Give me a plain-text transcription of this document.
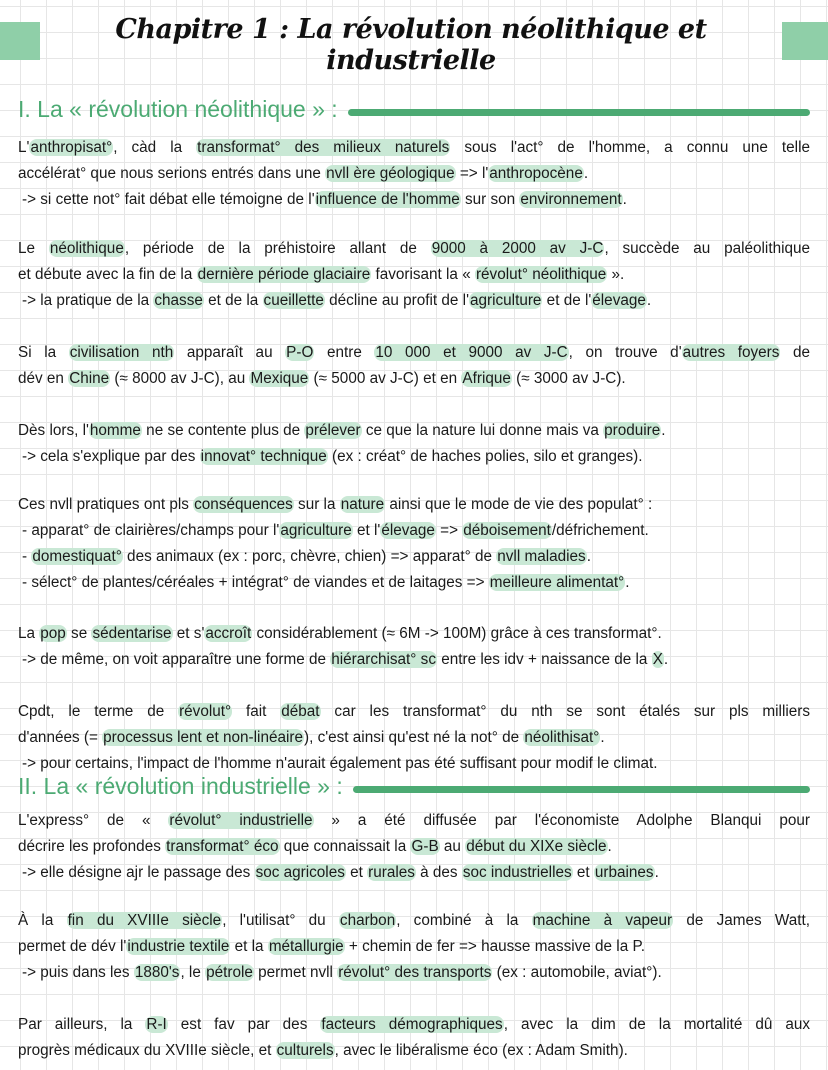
Chapitre 1 : La révolution néolithique et industrielle
I. La « révolution néolithique » :
II. La « révolution industrielle » :
L'anthropisat°, càd la transformat° des milieux naturels sous l'act° de l'homme, a connu une telle
accélérat° que nous serions entrés dans une nvll ère géologique => l'anthropocène.
-> si cette not° fait débat elle témoigne de l'influence de l'homme sur son environnement.
Le néolithique, période de la préhistoire allant de 9000 à 2000 av J-C, succède au paléolithique
et débute avec la fin de la dernière période glaciaire favorisant la « révolut° néolithique ».
-> la pratique de la chasse et de la cueillette décline au profit de l'agriculture et de l'élevage.
Si la civilisation nth apparaît au P-O entre 10 000 et 9000 av J-C, on trouve d'autres foyers de
dév en Chine (≈ 8000 av J-C), au Mexique (≈ 5000 av J-C) et en Afrique (≈ 3000 av J-C).
Dès lors, l'homme ne se contente plus de prélever ce que la nature lui donne mais va produire.
-> cela s'explique par des innovat° technique (ex : créat° de haches polies, silo et granges).
Ces nvll pratiques ont pls conséquences sur la nature ainsi que le mode de vie des populat° :
- apparat° de clairières/champs pour l'agriculture et l'élevage => déboisement/défrichement.
- domestiquat° des animaux (ex : porc, chèvre, chien) => apparat° de nvll maladies.
- sélect° de plantes/céréales + intégrat° de viandes et de laitages => meilleure alimentat°.
La pop se sédentarise et s'accroît considérablement (≈ 6M -> 100M) grâce à ces transformat°.
-> de même, on voit apparaître une forme de hiérarchisat° sc entre les idv + naissance de la X.
Cpdt, le terme de révolut° fait débat car les transformat° du nth se sont étalés sur pls milliers
d'années (= processus lent et non-linéaire), c'est ainsi qu'est né la not° de néolithisat°.
-> pour certains, l'impact de l'homme n'aurait également pas été suffisant pour modif le climat.
L'express° de « révolut° industrielle » a été diffusée par l'économiste Adolphe Blanqui pour
décrire les profondes transformat° éco que connaissait la G-B au début du XIXe siècle.
-> elle désigne ajr le passage des soc agricoles et rurales à des soc industrielles et urbaines.
À la fin du XVIIIe siècle, l'utilisat° du charbon, combiné à la machine à vapeur de James Watt,
permet de dév l'industrie textile et la métallurgie + chemin de fer => hausse massive de la P.
-> puis dans les 1880's, le pétrole permet nvll révolut° des transports (ex : automobile, aviat°).
Par ailleurs, la R-I est fav par des facteurs démographiques, avec la dim de la mortalité dû aux
progrès médicaux du XVIIIe siècle, et culturels, avec le libéralisme éco (ex : Adam Smith).
